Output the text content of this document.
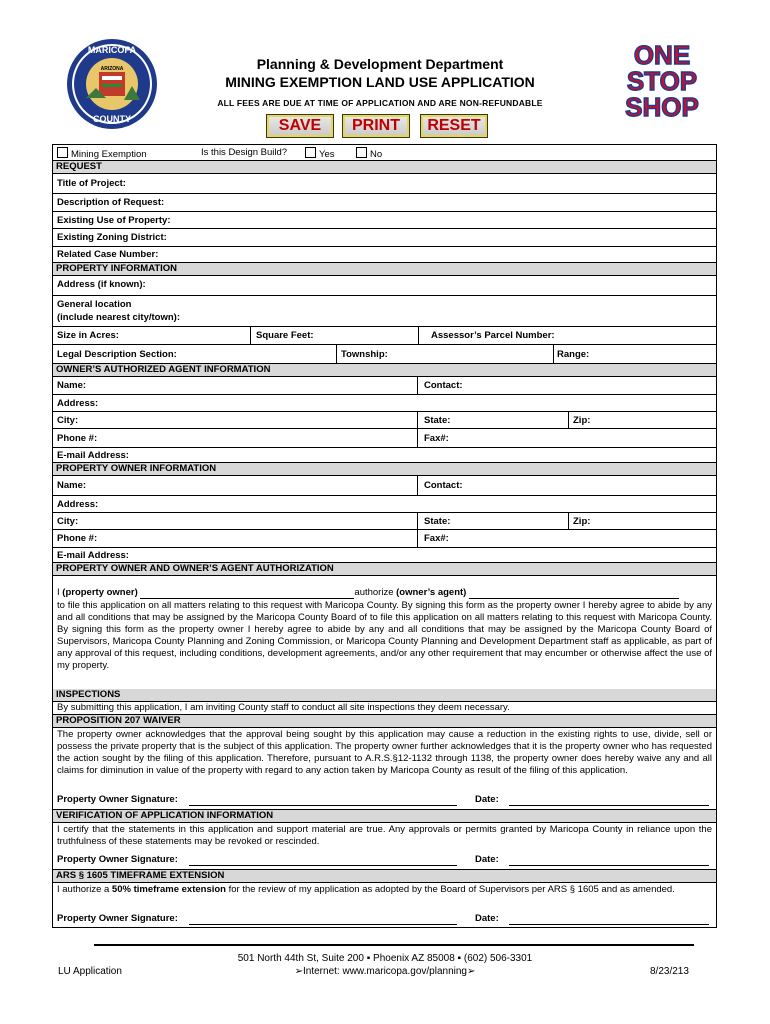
MARICOPA
COUNTY
ARIZONA	ONE
STOP
SHOP
Planning & Development Department
MINING EXEMPTION LAND USE APPLICATION
ALL FEES ARE DUE AT TIME OF APPLICATION AND ARE NON-REFUNDABLE
SAVE	PRINT	RESET
Mining Exemption	Is this Design Build?	Yes	No
REQUEST
Title of Project:
Description of Request:
Existing Use of Property:
Existing Zoning District:
Related Case Number:
PROPERTY INFORMATION
Address (if known):
General location
(include nearest city/town):
Size in Acres:	Square Feet:	Assessor’s Parcel Number:
Legal Description Section:	Township:	Range:
OWNER’S AUTHORIZED AGENT INFORMATION
Name:	Contact:
Address:
City:	State:	Zip:
Phone #:	Fax#:
E-mail Address:
PROPERTY OWNER INFORMATION
Name:	Contact:
Address:
City:	State:	Zip:
Phone #:	Fax#:
E-mail Address:
PROPERTY OWNER AND OWNER’S AGENT AUTHORIZATION
I (property owner)	authorize (owner’s agent)
to file this application on all matters relating to this request with Maricopa County. By signing this form as the property owner I hereby agree to abide by any and all conditions that may be assigned by the Maricopa County Board of to file this application on all matters relating to this request with Maricopa County. By signing this form as the property owner I hereby agree to abide by any and all conditions that may be assigned by the Maricopa County Board of Supervisors, Maricopa County Planning and Zoning Commission, or Maricopa County Planning and Development Department staff as applicable, as part of any approval of this request, including conditions, development agreements, and/or any other requirement that may encumber or otherwise affect the use of my property.
INSPECTIONS
By submitting this application, I am inviting County staff to conduct all site inspections they deem necessary.
PROPOSITION 207 WAIVER
The property owner acknowledges that the approval being sought by this application may cause a reduction in the existing rights to use, divide, sell or possess the private property that is the subject of this application. The property owner further acknowledges that it is the property owner who has requested the action sought by the filing of this application. Therefore, pursuant to A.R.S.§12-1132 through 1138, the property owner does hereby waive any and all claims for diminution in value of the property with regard to any action taken by Maricopa County as result of the filing of this application.
Property Owner Signature:	Date:
VERIFICATION OF APPLICATION INFORMATION
I certify that the statements in this application and support material are true. Any approvals or permits granted by Maricopa County in reliance upon the truthfulness of these statements may be revoked or rescinded.
Property Owner Signature:	Date:
ARS § 1605 TIMEFRAME EXTENSION
I authorize a 50% timeframe extension for the review of my application as adopted by the Board of Supervisors per ARS § 1605 and as amended.
Property Owner Signature:	Date:
LU Application
501 North 44th St, Suite 200 ▪ Phoenix AZ 85008 ▪ (602) 506-3301
➢Internet: www.maricopa.gov/planning➢	8/23/213
